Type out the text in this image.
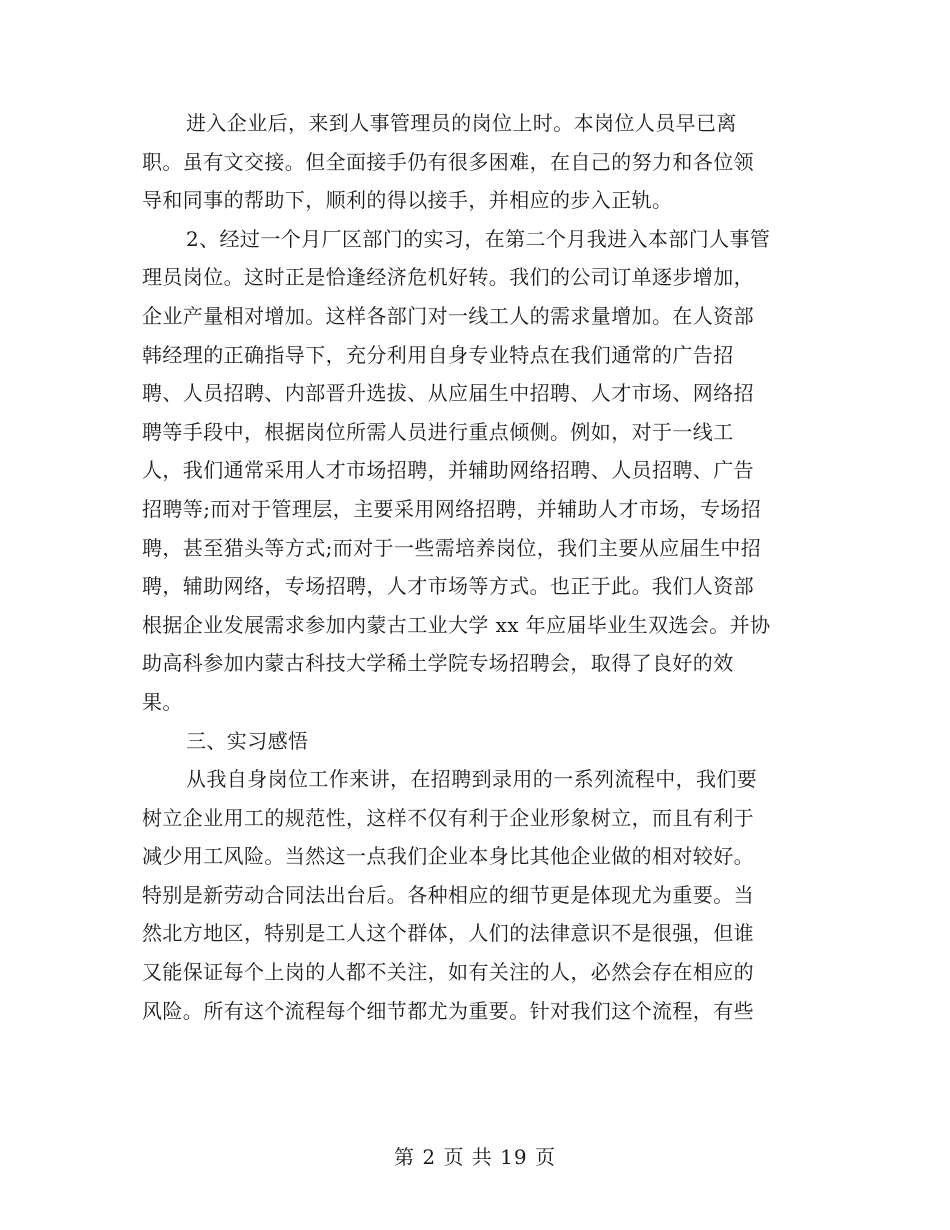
进入企业后，来到人事管理员的岗位上时。本岗位人员早已离
职。虽有文交接。但全面接手仍有很多困难，在自己的努力和各位领
导和同事的帮助下，顺利的得以接手，并相应的步入正轨。
2、经过一个月厂区部门的实习，在第二个月我进入本部门人事管
理员岗位。这时正是恰逢经济危机好转。我们的公司订单逐步增加，
企业产量相对增加。这样各部门对一线工人的需求量增加。在人资部
韩经理的正确指导下，充分利用自身专业特点在我们通常的广告招
聘、人员招聘、内部晋升选拔、从应届生中招聘、人才市场、网络招
聘等手段中，根据岗位所需人员进行重点倾侧。例如，对于一线工
人，我们通常采用人才市场招聘，并辅助网络招聘、人员招聘、广告
招聘等;而对于管理层，主要采用网络招聘，并辅助人才市场，专场招
聘，甚至猎头等方式;而对于一些需培养岗位，我们主要从应届生中招
聘，辅助网络，专场招聘，人才市场等方式。也正于此。我们人资部
根据企业发展需求参加内蒙古工业大学 xx 年应届毕业生双选会。并协
助高科参加内蒙古科技大学稀土学院专场招聘会，取得了良好的效
果。
三、实习感悟
从我自身岗位工作来讲，在招聘到录用的一系列流程中，我们要
树立企业用工的规范性，这样不仅有利于企业形象树立，而且有利于
减少用工风险。当然这一点我们企业本身比其他企业做的相对较好。
特别是新劳动合同法出台后。各种相应的细节更是体现尤为重要。当
然北方地区，特别是工人这个群体，人们的法律意识不是很强，但谁
又能保证每个上岗的人都不关注，如有关注的人，必然会存在相应的
风险。所有这个流程每个细节都尤为重要。针对我们这个流程，有些
第 2 页 共 19 页
